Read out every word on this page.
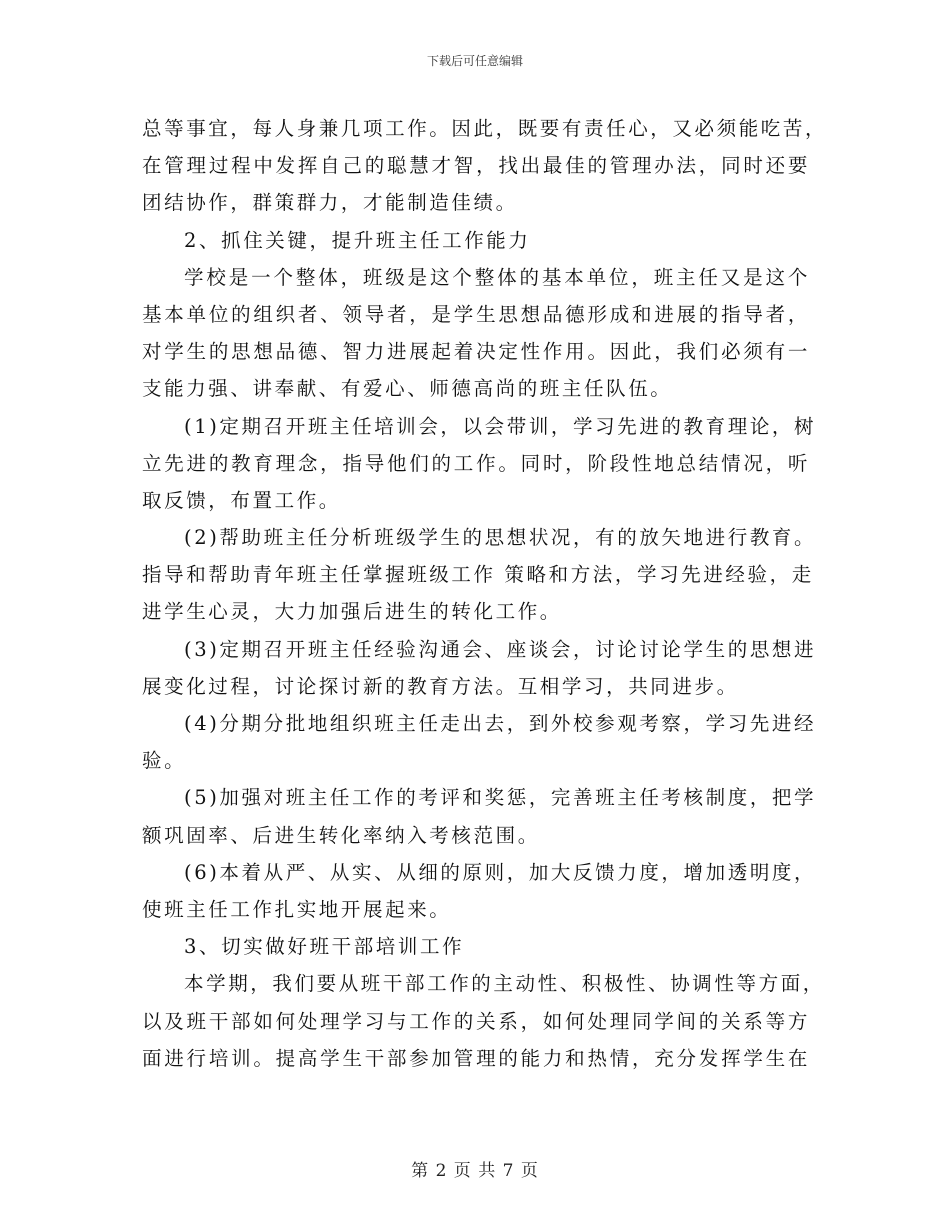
下载后可任意编辑
总等事宜，每人身兼几项工作。因此，既要有责任心，又必须能吃苦，
在管理过程中发挥自己的聪慧才智，找出最佳的管理办法，同时还要
团结协作，群策群力，才能制造佳绩。
2、抓住关键，提升班主任工作能力
学校是一个整体，班级是这个整体的基本单位，班主任又是这个
基本单位的组织者、领导者，是学生思想品德形成和进展的指导者，
对学生的思想品德、智力进展起着决定性作用。因此，我们必须有一
支能力强、讲奉献、有爱心、师德高尚的班主任队伍。
(1)定期召开班主任培训会，以会带训，学习先进的教育理论，树
立先进的教育理念，指导他们的工作。同时，阶段性地总结情况，听
取反馈，布置工作。
(2)帮助班主任分析班级学生的思想状况，有的放矢地进行教育。
指导和帮助青年班主任掌握班级工作 策略和方法，学习先进经验，走
进学生心灵，大力加强后进生的转化工作。
(3)定期召开班主任经验沟通会、座谈会，讨论讨论学生的思想进
展变化过程，讨论探讨新的教育方法。互相学习，共同进步。
(4)分期分批地组织班主任走出去，到外校参观考察，学习先进经
验。
(5)加强对班主任工作的考评和奖惩，完善班主任考核制度，把学
额巩固率、后进生转化率纳入考核范围。
(6)本着从严、从实、从细的原则，加大反馈力度，增加透明度，
使班主任工作扎实地开展起来。
3、切实做好班干部培训工作
本学期，我们要从班干部工作的主动性、积极性、协调性等方面，
以及班干部如何处理学习与工作的关系，如何处理同学间的关系等方
面进行培训。提高学生干部参加管理的能力和热情，充分发挥学生在
第 2 页 共 7 页
